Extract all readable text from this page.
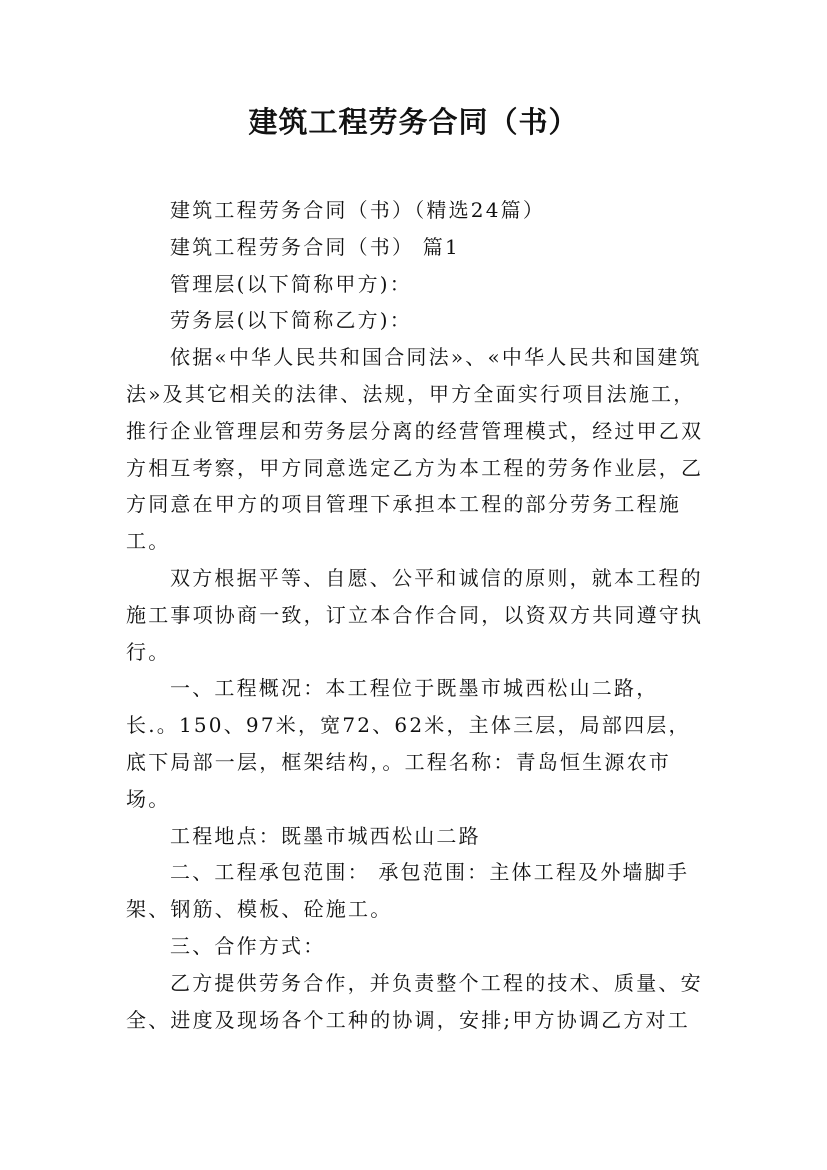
建筑工程劳务合同（书）

建筑工程劳务合同（书）（精选24篇）

建筑工程劳务合同（书） 篇1

管理层(以下简称甲方)：

劳务层(以下简称乙方)：

依据«中华人民共和国合同法»、«中华人民共和国建筑法»及其它相关的法律、法规，甲方全面实行项目法施工，推行企业管理层和劳务层分离的经营管理模式，经过甲乙双方相互考察，甲方同意选定乙方为本工程的劳务作业层，乙方同意在甲方的项目管理下承担本工程的部分劳务工程施工。

双方根据平等、自愿、公平和诚信的原则，就本工程的施工事项协商一致，订立本合作合同，以资双方共同遵守执行。

一、工程概况：本工程位于既墨市城西松山二路，长.。150、97米，宽72、62米，主体三层，局部四层，底下局部一层，框架结构，。工程名称：青岛恒生源农市场。

工程地点：既墨市城西松山二路

二、工程承包范围： 承包范围：主体工程及外墙脚手架、钢筋、模板、砼施工。

三、合作方式：

乙方提供劳务合作，并负责整个工程的技术、质量、安全、进度及现场各个工种的协调，安排;甲方协调乙方对工
